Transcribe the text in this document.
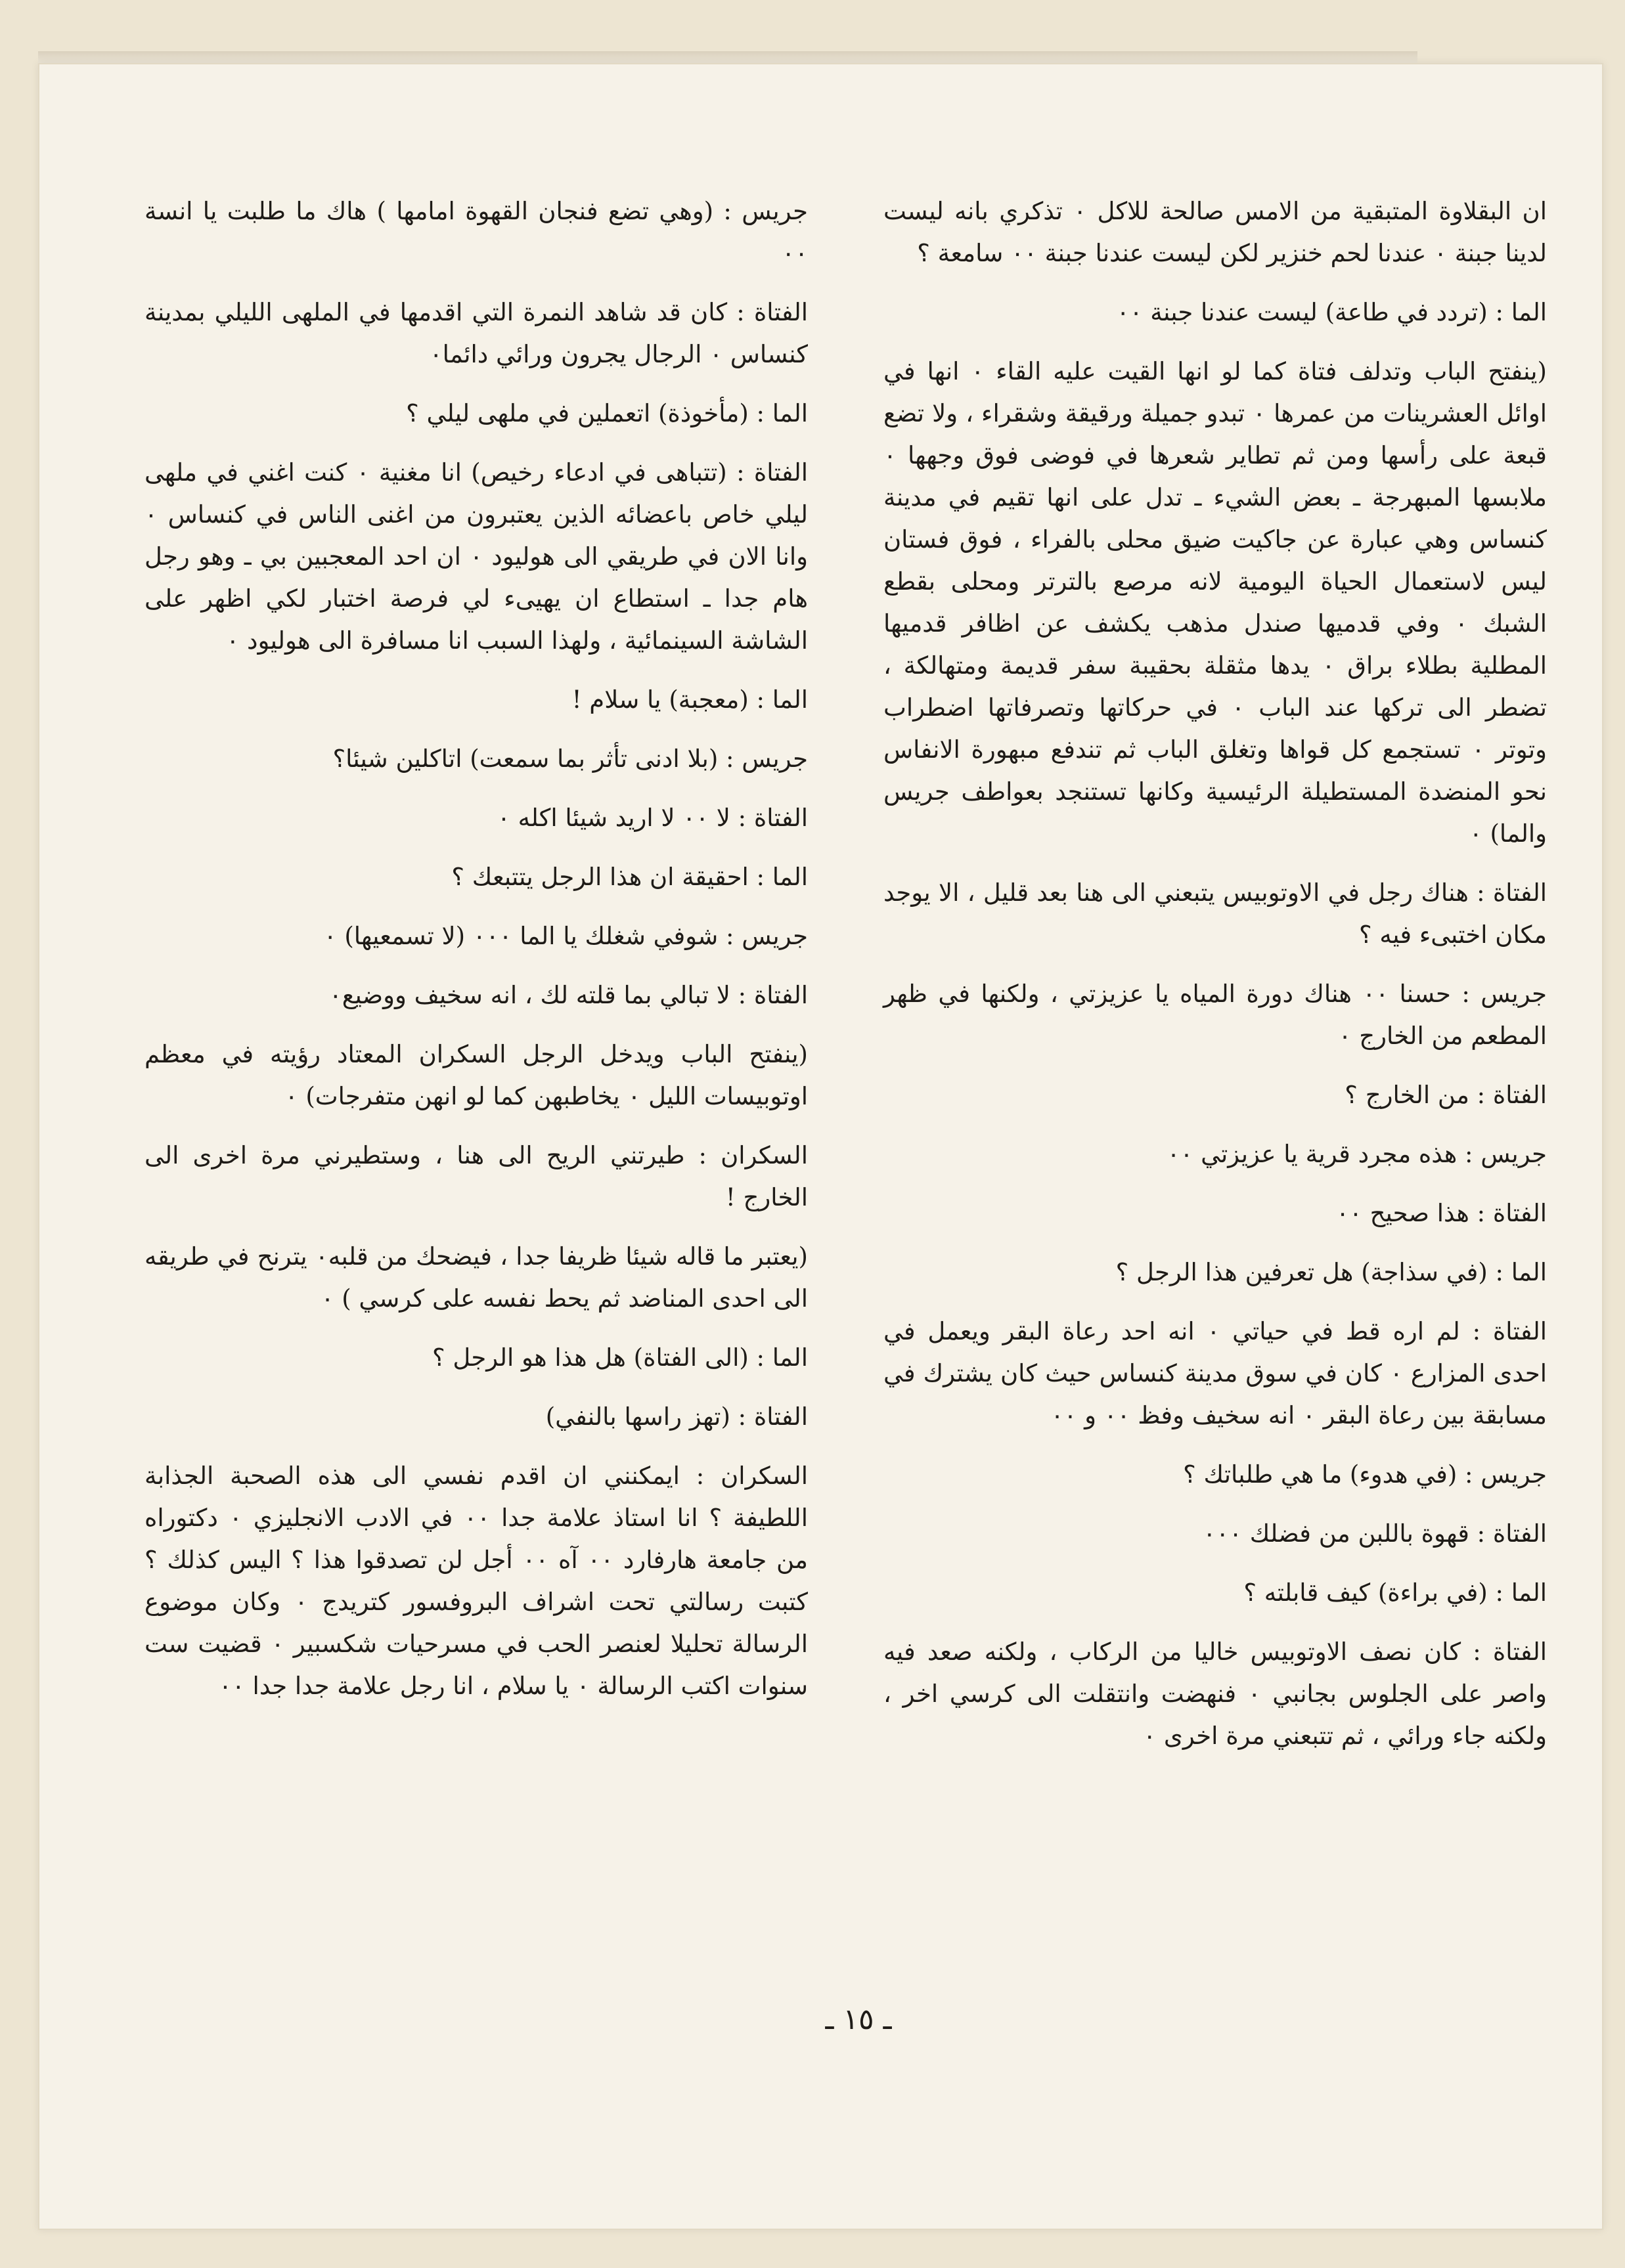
ان البقلاوة المتبقية من الامس صالحة للاكل ٠ تذكري بانه ليست لدينا جبنة ٠ عندنا لحم خنزير لكن ليست عندنا جبنة ٠٠ سامعة ؟

الما : (تردد في طاعة) ليست عندنا جبنة ٠٠

(ينفتح الباب وتدلف فتاة كما لو انها القيت عليه القاء ٠ انها في اوائل العشرينات من عمرها ٠ تبدو جميلة ورقيقة وشقراء ، ولا تضع قبعة على رأسها ومن ثم تطاير شعرها في فوضى فوق وجهها ٠ ملابسها المبهرجة ـ بعض الشيء ـ تدل على انها تقيم في مدينة كنساس وهي عبارة عن جاكيت ضيق محلى بالفراء ، فوق فستان ليس لاستعمال الحياة اليومية لانه مرصع بالترتر ومحلى بقطع الشبك ٠ وفي قدميها صندل مذهب يكشف عن اظافر قدميها المطلية بطلاء براق ٠ يدها مثقلة بحقيبة سفر قديمة ومتهالكة ، تضطر الى تركها عند الباب ٠ في حركاتها وتصرفاتها اضطراب وتوتر ٠ تستجمع كل قواها وتغلق الباب ثم تندفع مبهورة الانفاس نحو المنضدة المستطيلة الرئيسية وكانها تستنجد بعواطف جريس والما) ٠

الفتاة : هناك رجل في الاوتوبيس يتبعني الى هنا بعد قليل ، الا يوجد مكان اختبىء فيه ؟

جريس : حسنا ٠٠ هناك دورة المياه يا عزيزتي ، ولكنها في ظهر المطعم من الخارج ٠

الفتاة : من الخارج ؟

جريس : هذه مجرد قرية يا عزيزتي ٠٠

الفتاة : هذا صحيح ٠٠

الما : (في سذاجة) هل تعرفين هذا الرجل ؟

الفتاة : لم اره قط في حياتي ٠ انه احد رعاة البقر ويعمل في احدى المزارع ٠ كان في سوق مدينة كنساس حيث كان يشترك في مسابقة بين رعاة البقر ٠ انه سخيف وفظ ٠٠ و ٠٠

جريس : (في هدوء) ما هي طلباتك ؟

الفتاة : قهوة باللبن من فضلك ٠٠٠

الما : (في براءة) كيف قابلته ؟

الفتاة : كان نصف الاوتوبيس خاليا من الركاب ، ولكنه صعد فيه واصر على الجلوس بجانبي ٠ فنهضت وانتقلت الى كرسي اخر ، ولكنه جاء ورائي ، ثم تتبعني مرة اخرى ٠

جريس : (وهي تضع فنجان القهوة امامها ) هاك ما طلبت يا انسة ٠٠

الفتاة : كان قد شاهد النمرة التي اقدمها في الملهى الليلي بمدينة كنساس ٠ الرجال يجرون ورائي دائما٠

الما : (مأخوذة) اتعملين في ملهى ليلي ؟

الفتاة : (تتباهى في ادعاء رخيص) انا مغنية ٠ كنت اغني في ملهى ليلي خاص باعضائه الذين يعتبرون من اغنى الناس في كنساس ٠ وانا الان في طريقي الى هوليود ٠ ان احد المعجبين بي ـ وهو رجل هام جدا ـ استطاع ان يهيىء لي فرصة اختبار لكي اظهر على الشاشة السينمائية ، ولهذا السبب انا مسافرة الى هوليود ٠

الما : (معجبة) يا سلام !

جريس : (بلا ادنى تأثر بما سمعت) اتاكلين شيئا؟

الفتاة : لا ٠٠ لا اريد شيئا اكله ٠

الما : احقيقة ان هذا الرجل يتتبعك ؟

جريس : شوفي شغلك يا الما ٠٠٠ (لا تسمعيها) ٠

الفتاة : لا تبالي بما قلته لك ، انه سخيف ووضيع٠

(ينفتح الباب ويدخل الرجل السكران المعتاد رؤيته في معظم اوتوبيسات الليل ٠ يخاطبهن كما لو انهن متفرجات) ٠

السكران : طيرتني الريح الى هنا ، وستطيرني مرة اخرى الى الخارج !

(يعتبر ما قاله شيئا ظريفا جدا ، فيضحك من قلبه٠ يترنح في طريقه الى احدى المناضد ثم يحط نفسه على كرسي ) ٠

الما : (الى الفتاة) هل هذا هو الرجل ؟

الفتاة : (تهز راسها بالنفي)

السكران : ايمكنني ان اقدم نفسي الى هذه الصحبة الجذابة اللطيفة ؟ انا استاذ علامة جدا ٠٠ في الادب الانجليزي ٠ دكتوراه من جامعة هارفارد ٠٠ آه ٠٠ أجل لن تصدقوا هذا ؟ اليس كذلك ؟ كتبت رسالتي تحت اشراف البروفسور كتريدج ٠ وكان موضوع الرسالة تحليلا لعنصر الحب في مسرحيات شكسبير ٠ قضيت ست سنوات اكتب الرسالة ٠ يا سلام ، انا رجل علامة جدا جدا ٠٠

ـ ١٥ ـ
